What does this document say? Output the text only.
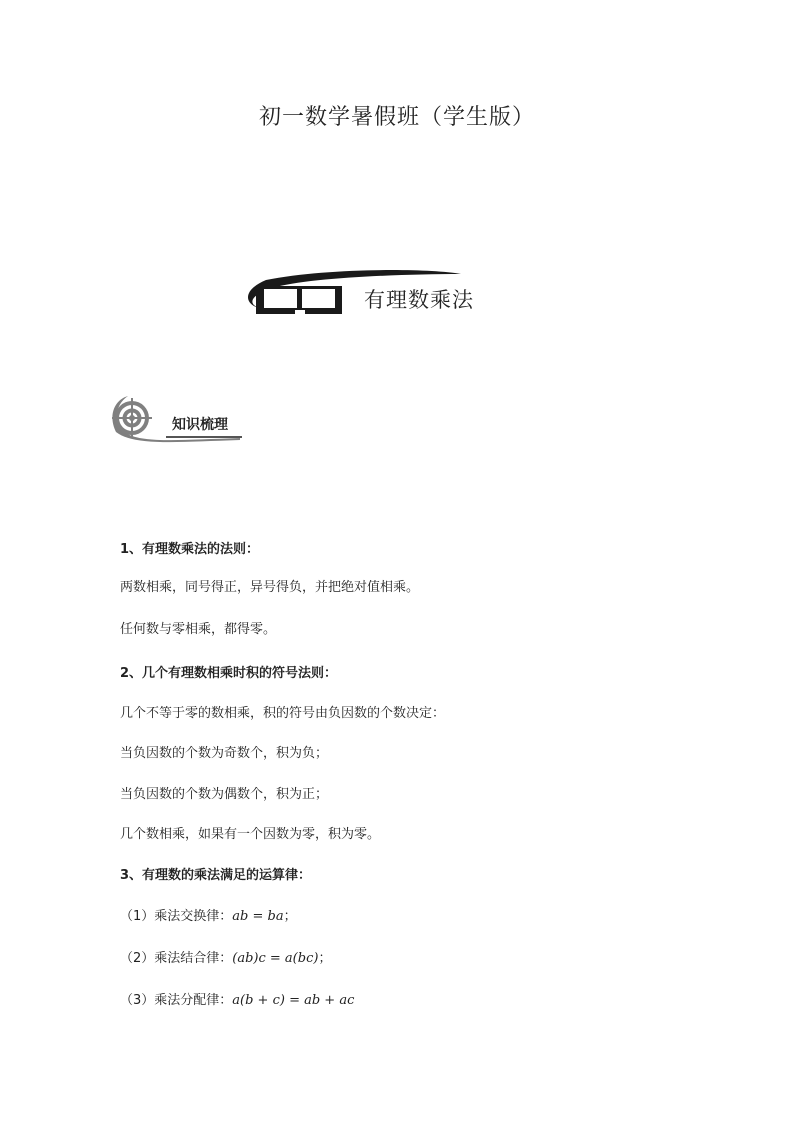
初一数学暑假班（学生版）
有理数乘法
知识梳理
1、有理数乘法的法则：
两数相乘，同号得正，异号得负，并把绝对值相乘。
任何数与零相乘，都得零。
2、几个有理数相乘时积的符号法则：
几个不等于零的数相乘，积的符号由负因数的个数决定：
当负因数的个数为奇数个，积为负；
当负因数的个数为偶数个，积为正；
几个数相乘，如果有一个因数为零，积为零。
3、有理数的乘法满足的运算律：
（1）乘法交换律：ab = ba；
（2）乘法结合律：(ab)c = a(bc)；
（3）乘法分配律：a(b + c) = ab + ac
